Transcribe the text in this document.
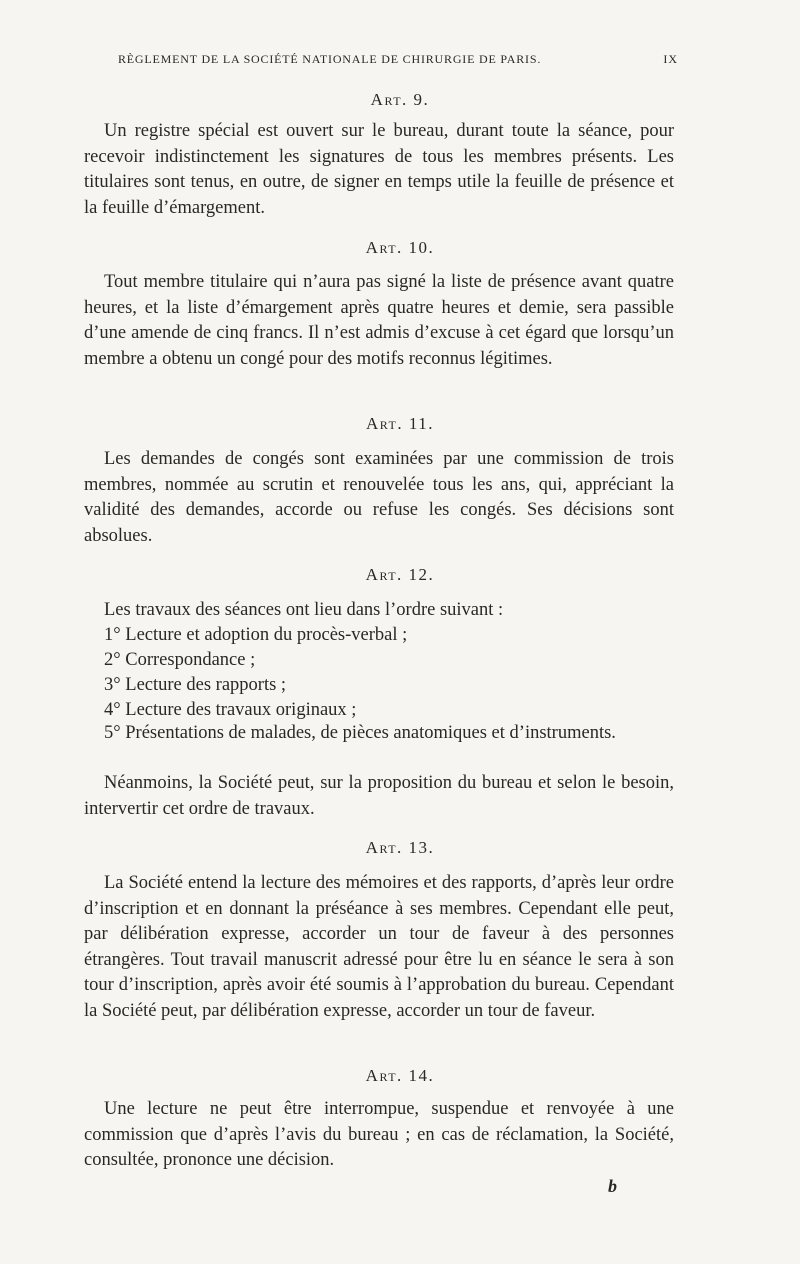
RÈGLEMENT DE LA SOCIÉTÉ NATIONALE DE CHIRURGIE DE PARIS.	IX
Art. 9.
Un registre spécial est ouvert sur le bureau, durant toute la séance, pour recevoir indistinctement les signatures de tous les membres présents. Les titulaires sont tenus, en outre, de signer en temps utile la feuille de présence et la feuille d’émargement.
Art. 10.
Tout membre titulaire qui n’aura pas signé la liste de présence avant quatre heures, et la liste d’émargement après quatre heures et demie, sera passible d’une amende de cinq francs. Il n’est admis d’excuse à cet égard que lorsqu’un membre a obtenu un congé pour des motifs reconnus légitimes.
Art. 11.
Les demandes de congés sont examinées par une commission de trois membres, nommée au scrutin et renouvelée tous les ans, qui, appréciant la validité des demandes, accorde ou refuse les congés. Ses décisions sont absolues.
Art. 12.
Les travaux des séances ont lieu dans l’ordre suivant :
1° Lecture et adoption du procès-verbal ;
2° Correspondance ;
3° Lecture des rapports ;
4° Lecture des travaux originaux ;
5° Présentations de malades, de pièces anatomiques et d’instruments.
Néanmoins, la Société peut, sur la proposition du bureau et selon le besoin, intervertir cet ordre de travaux.
Art. 13.
La Société entend la lecture des mémoires et des rapports, d’après leur ordre d’inscription et en donnant la préséance à ses membres. Cependant elle peut, par délibération expresse, accorder un tour de faveur à des personnes étrangères. Tout travail manuscrit adressé pour être lu en séance le sera à son tour d’inscription, après avoir été soumis à l’approbation du bureau. Cependant la Société peut, par délibération expresse, accorder un tour de faveur.
Art. 14.
Une lecture ne peut être interrompue, suspendue et renvoyée à une commission que d’après l’avis du bureau ; en cas de réclamation, la Société, consultée, prononce une décision.
b
